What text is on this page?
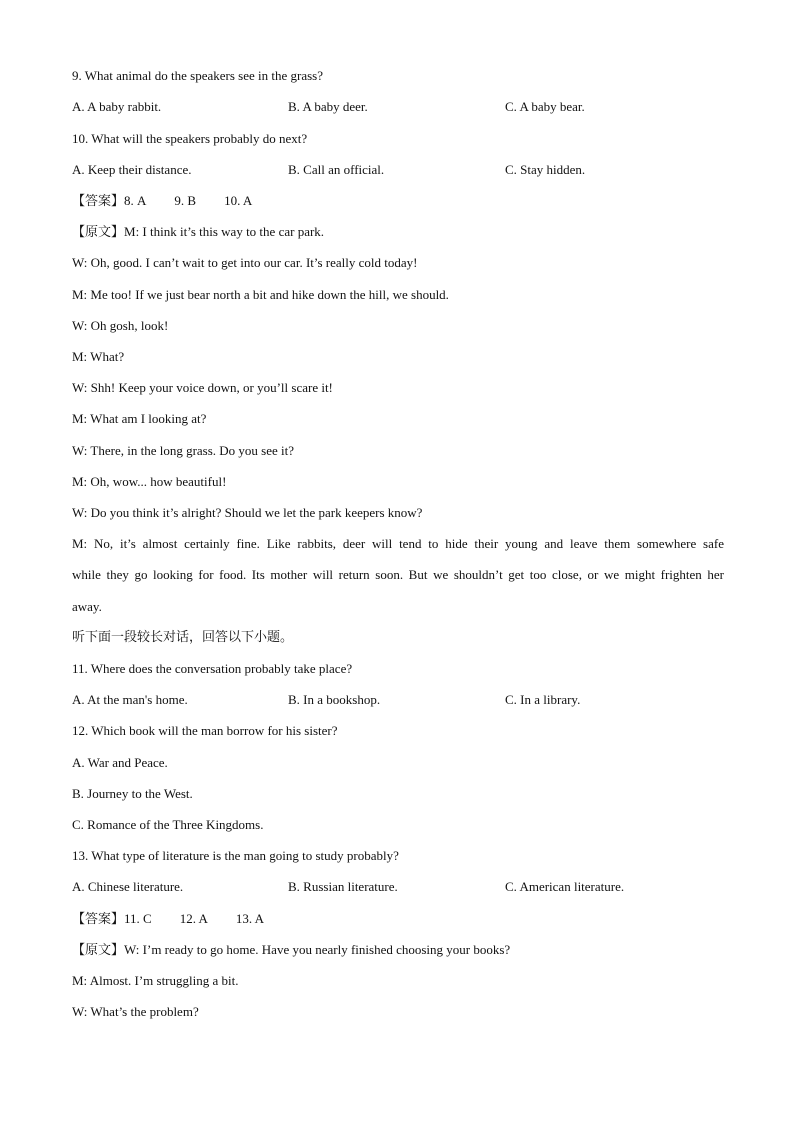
9. What animal do the speakers see in the grass?
A. A baby rabbit.	B. A baby deer.	C. A baby bear.
10. What will the speakers probably do next?
A. Keep their distance.	B. Call an official.	C. Stay hidden.
【答案】8. A 9. B 10. A
【原文】M: I think it’s this way to the car park.
W: Oh, good. I can’t wait to get into our car. It’s really cold today!
M: Me too! If we just bear north a bit and hike down the hill, we should.
W: Oh gosh, look!
M: What?
W: Shh! Keep your voice down, or you’ll scare it!
M: What am I looking at?
W: There, in the long grass. Do you see it?
M: Oh, wow... how beautiful!
W: Do you think it’s alright? Should we let the park keepers know?
M: No, it’s almost certainly fine. Like rabbits, deer will tend to hide their young and leave them somewhere safe
while they go looking for food. Its mother will return soon. But we shouldn’t get too close, or we might frighten her
away.
听下面一段较长对话，回答以下小题。
11. Where does the conversation probably take place?
A. At the man's home.	B. In a bookshop.	C. In a library.
12. Which book will the man borrow for his sister?
A. War and Peace.
B. Journey to the West.
C. Romance of the Three Kingdoms.
13. What type of literature is the man going to study probably?
A. Chinese literature.	B. Russian literature.	C. American literature.
【答案】11. C 12. A 13. A
【原文】W: I’m ready to go home. Have you nearly finished choosing your books?
M: Almost. I’m struggling a bit.
W: What’s the problem?
